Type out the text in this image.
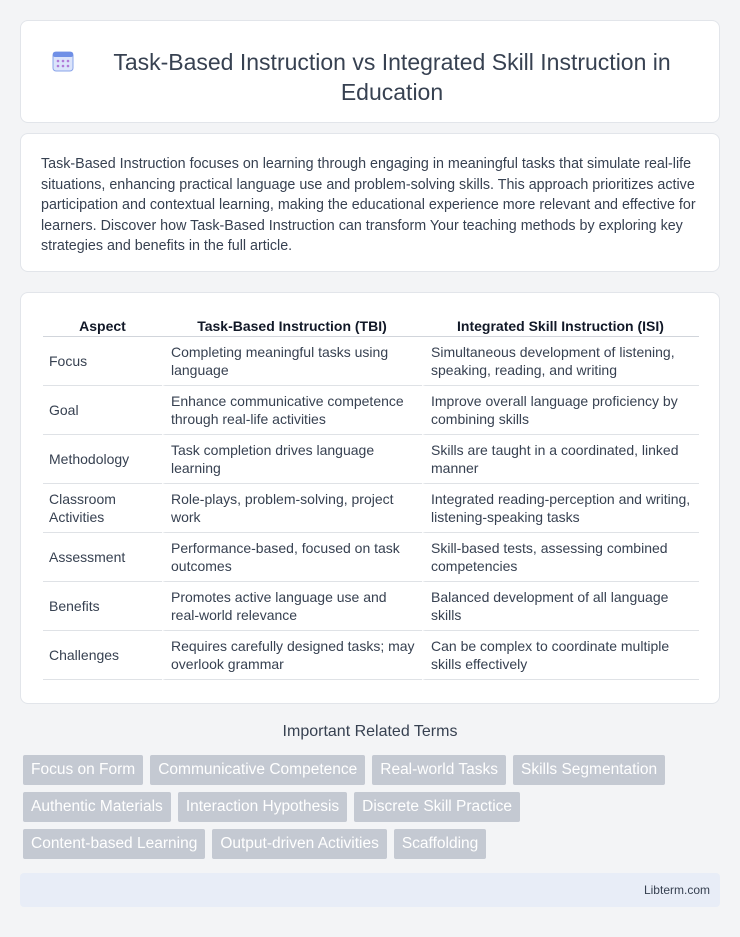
Task-Based Instruction vs Integrated Skill Instruction in Education

Task-Based Instruction focuses on learning through engaging in meaningful tasks that simulate real-life situations, enhancing practical language use and problem-solving skills. This approach prioritizes active participation and contextual learning, making the educational experience more relevant and effective for learners. Discover how Task-Based Instruction can transform Your teaching methods by exploring key strategies and benefits in the full article.

Aspect	Task-Based Instruction (TBI)	Integrated Skill Instruction (ISI)
Focus	Completing meaningful tasks using language	Simultaneous development of listening, speaking, reading, and writing
Goal	Enhance communicative competence through real-life activities	Improve overall language proficiency by combining skills
Methodology	Task completion drives language learning	Skills are taught in a coordinated, linked manner
Classroom Activities	Role-plays, problem-solving, project work	Integrated reading-perception and writing, listening-speaking tasks
Assessment	Performance-based, focused on task outcomes	Skill-based tests, assessing combined competencies
Benefits	Promotes active language use and real-world relevance	Balanced development of all language skills
Challenges	Requires carefully designed tasks; may overlook grammar	Can be complex to coordinate multiple skills effectively
Important Related Terms
Focus on Form	Communicative Competence	Real-world Tasks	Skills Segmentation
Authentic Materials	Interaction Hypothesis	Discrete Skill Practice
Content-based Learning	Output-driven Activities	Scaffolding
Libterm.com
